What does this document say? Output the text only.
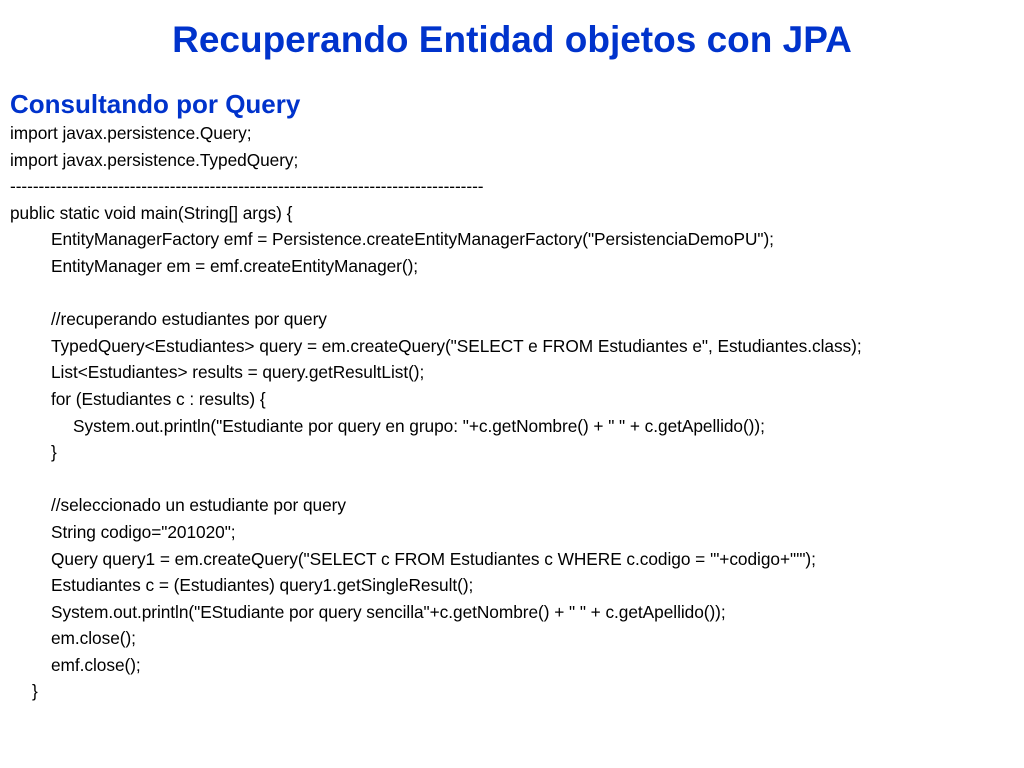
Recuperando Entidad objetos con JPA
Consultando por Query
import javax.persistence.Query;
import javax.persistence.TypedQuery;
-----------------------------------------------------------------------------------
public static void main(String[] args) {
EntityManagerFactory emf = Persistence.createEntityManagerFactory("PersistenciaDemoPU");
EntityManager em = emf.createEntityManager();
//recuperando estudiantes por query
TypedQuery<Estudiantes> query = em.createQuery("SELECT e FROM Estudiantes e", Estudiantes.class);
List<Estudiantes> results = query.getResultList();
for (Estudiantes c : results) {
System.out.println("Estudiante por query en grupo: "+c.getNombre() + " " + c.getApellido());
}
//seleccionado un estudiante por query
String codigo="201020";
Query query1 = em.createQuery("SELECT c FROM Estudiantes c WHERE c.codigo = '"+codigo+"'");
Estudiantes c = (Estudiantes) query1.getSingleResult();
System.out.println("EStudiante por query sencilla"+c.getNombre() + " " + c.getApellido());
em.close();
emf.close();
}
